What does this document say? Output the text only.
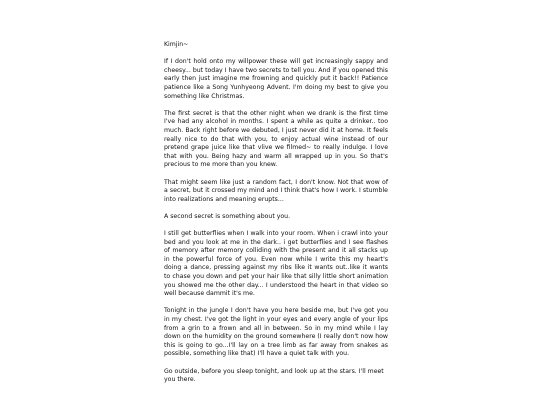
Kimjin~

If I don't hold onto my willpower these will get increasingly sappy and cheesy... but today I have two secrets to tell you. And if you opened this early then just imagine me frowning and quickly put it back!! Patience patience like a Song Yunhyeong Advent. I'm doing my best to give you something like Christmas.

The first secret is that the other night when we drank is the first time I've had any alcohol in months. I spent a while as quite a drinker.. too much. Back right before we debuted, I just never did it at home. It feels really nice to do that with you, to enjoy actual wine instead of our pretend grape juice like that vlive we filmed~ to really indulge. I love that with you. Being hazy and warm all wrapped up in you. So that's precious to me more than you knew.

That might seem like just a random fact, I don't know. Not that wow of a secret, but it crossed my mind and I think that's how I work. I stumble into realizations and meaning erupts...

A second secret is something about you.

I still get butterflies when I walk into your room. When i crawl into your bed and you look at me in the dark.. i get butterflies and I see flashes of memory after memory colliding with the present and it all stacks up in the powerful force of you. Even now while I write this my heart's doing a dance, pressing against my ribs like it wants out..like it wants to chase you down and pet your hair like that silly little short animation you showed me the other day... I understood the heart in that video so well because dammit it's me.

Tonight in the jungle I don't have you here beside me, but I've got you in my chest. I've got the light in your eyes and every angle of your lips from a grin to a frown and all in between. So in my mind while I lay down on the humidity on the ground somewhere (I really don't now how this is going to go...I'll lay on a tree limb as far away from snakes as possible, something like that) I'll have a quiet talk with you.

Go outside, before you sleep tonight, and look up at the stars. I'll meet you there.
